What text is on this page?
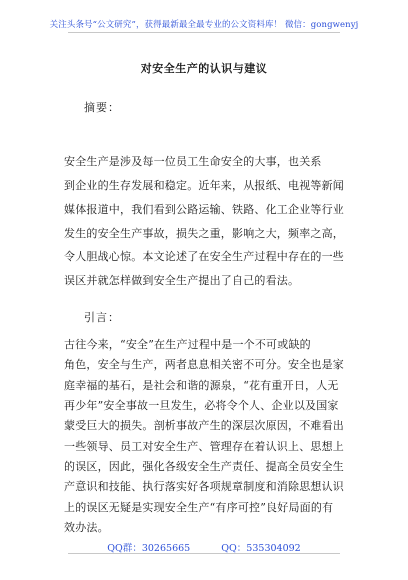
关注头条号“公文研究”，获得最新最全最专业的公文资料库！ 微信：gongwenyj
对安全生产的认识与建议
摘要：
安全生产是涉及每一位员工生命安全的大事，也关系
到企业的生存发展和稳定。近年来，从报纸、电视等新闻
媒体报道中，我们看到公路运输、铁路、化工企业等行业
发生的安全生产事故，损失之重，影响之大，频率之高，
令人胆战心惊。本文论述了在安全生产过程中存在的一些
误区并就怎样做到安全生产提出了自己的看法。
引言：
古往今来，“安全”在生产过程中是一个不可或缺的
角色，安全与生产，两者息息相关密不可分。安全也是家
庭幸福的基石，是社会和谐的源泉，“花有重开日，人无
再少年”安全事故一旦发生，必将令个人、企业以及国家
蒙受巨大的损失。剖析事故产生的深层次原因，不难看出
一些领导、员工对安全生产、管理存在着认识上、思想上
的误区，因此，强化各级安全生产责任、提高全员安全生
产意识和技能、执行落实好各项规章制度和消除思想认识
上的误区无疑是实现安全生产“有序可控”良好局面的有
效办法。
QQ群：30265665	QQ：535304092
